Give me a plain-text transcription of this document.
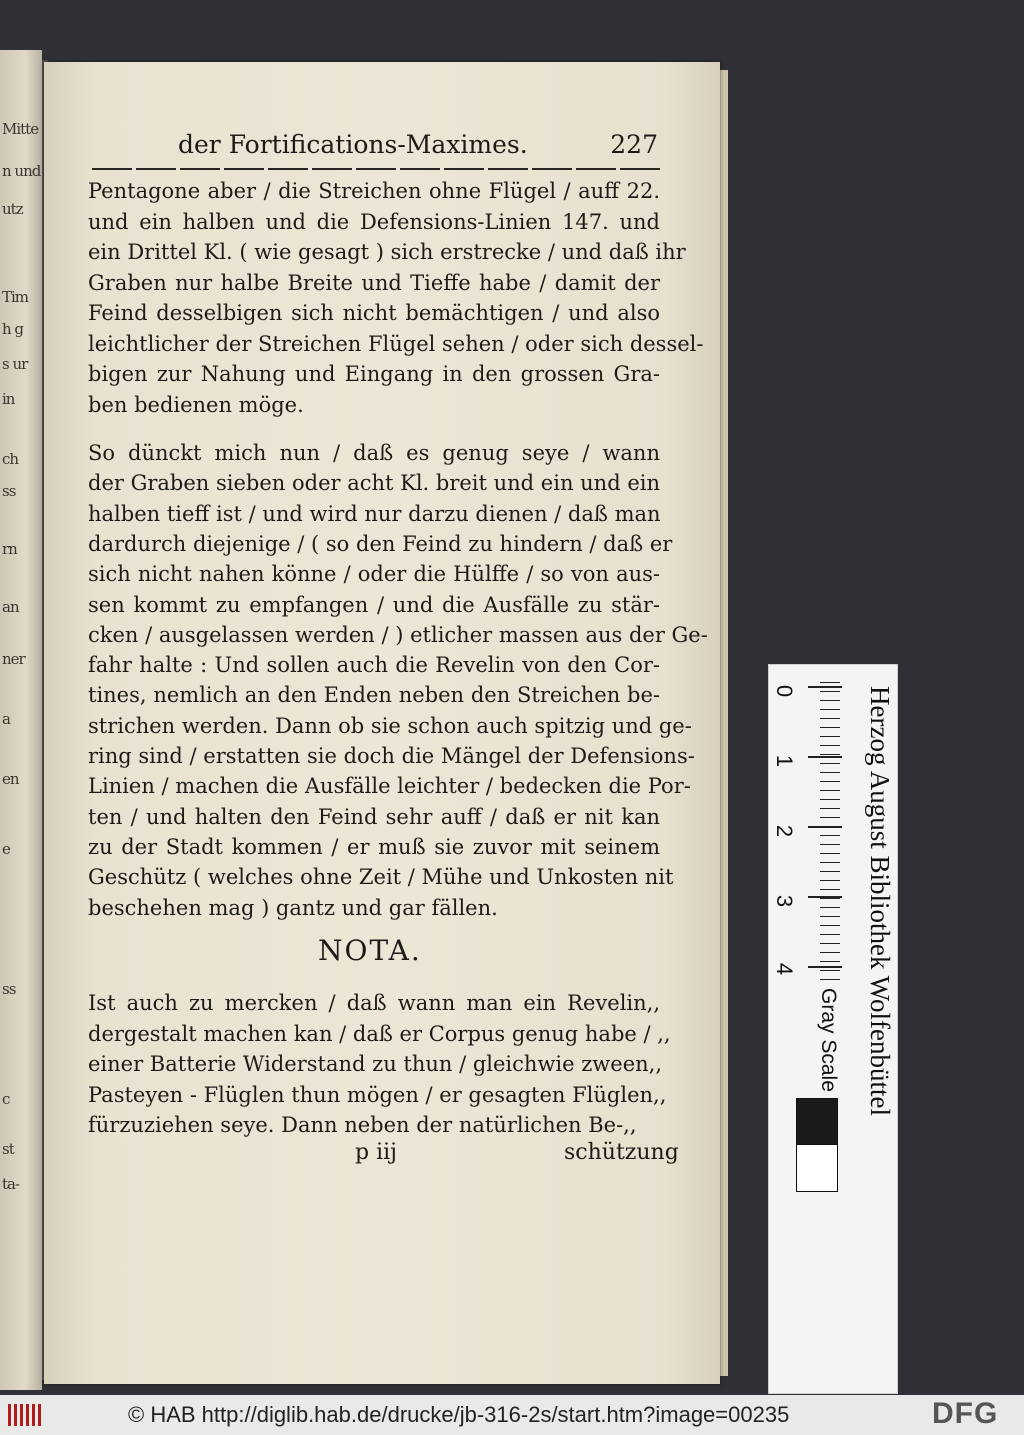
Mitte
n und
utz
Tim
h g
s ur
in
ch
ss
rn
an
ner
a
en
e
ss
c
st
ta-
der Fortifications-Maximes.	227
Pentagone aber / die Streichen ohne Flügel / auff 22.
und ein halben und die Defensions-Linien 147. und
ein Drittel Kl. ( wie gesagt ) sich erstrecke / und daß ihr
Graben nur halbe Breite und Tieffe habe / damit der
Feind desselbigen sich nicht bemächtigen / und also
leichtlicher der Streichen Flügel sehen / oder sich dessel-
bigen zur Nahung und Eingang in den grossen Gra-
ben bedienen möge.
So dünckt mich nun / daß es genug seye / wann
der Graben sieben oder acht Kl. breit und ein und ein
halben tieff ist / und wird nur darzu dienen / daß man
dardurch diejenige / ( so den Feind zu hindern / daß er
sich nicht nahen könne / oder die Hülffe / so von aus-
sen kommt zu empfangen / und die Ausfälle zu stär-
cken / ausgelassen werden / ) etlicher massen aus der Ge-
fahr halte : Und sollen auch die Revelin von den Cor-
tines, nemlich an den Enden neben den Streichen be-
strichen werden. Dann ob sie schon auch spitzig und ge-
ring sind / erstatten sie doch die Mängel der Defensions-
Linien / machen die Ausfälle leichter / bedecken die Por-
ten / und halten den Feind sehr auff / daß er nit kan
zu der Stadt kommen / er muß sie zuvor mit seinem
Geschütz ( welches ohne Zeit / Mühe und Unkosten nit
beschehen mag ) gantz und gar fällen.
NOTA.
Ist auch zu mercken / daß wann man ein Revelin,,
dergestalt machen kan / daß er Corpus genug habe / ,,
einer Batterie Widerstand zu thun / gleichwie zween,,
Pasteyen - Flüglen thun mögen / er gesagten Flüglen,,
fürzuziehen seye. Dann neben der natürlichen Be-,,
p iij	schützung
Herzog August Bibliothek Wolfenbüttel
0
1
2
3
4
Gray Scale
© HAB http://diglib.hab.de/drucke/jb-316-2s/start.htm?image=00235	DFG
